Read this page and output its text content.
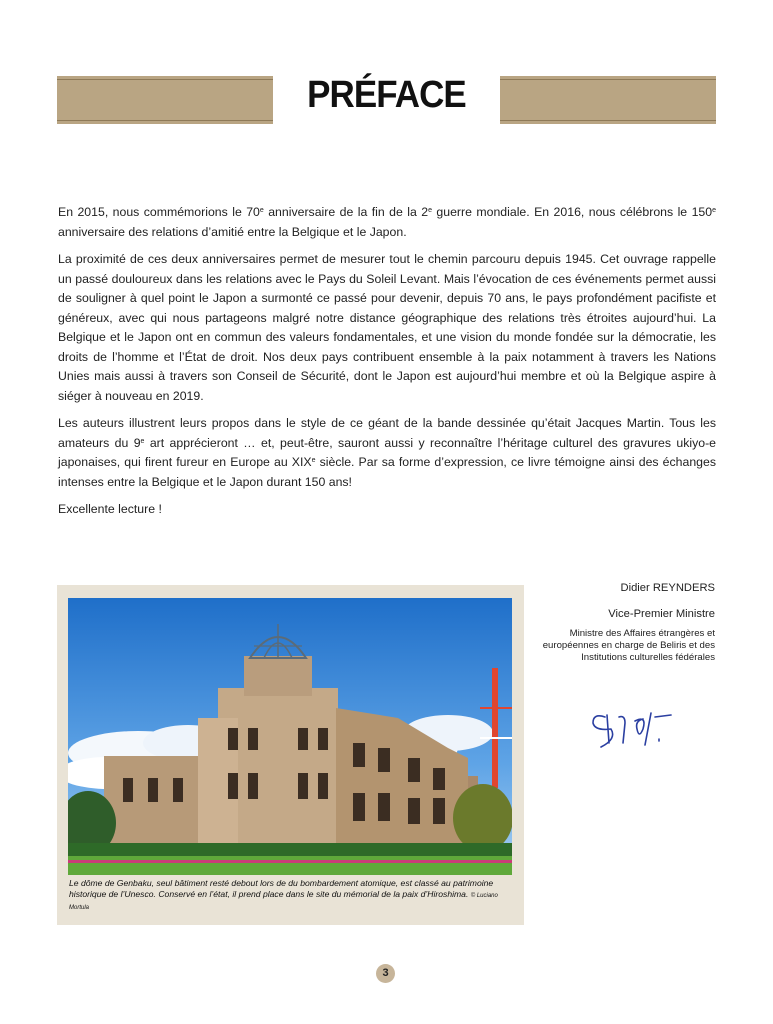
PRÉFACE

En 2015, nous commémorions le 70e anniversaire de la fin de la 2e guerre mondiale. En 2016, nous célébrons le 150e anniversaire des relations d’amitié entre la Belgique et le Japon.

La proximité de ces deux anniversaires permet de mesurer tout le chemin parcouru depuis 1945. Cet ouvrage rappelle un passé douloureux dans les relations avec le Pays du Soleil Levant. Mais l’évocation de ces événements permet aussi de souligner à quel point le Japon a surmonté ce passé pour devenir, depuis 70 ans, le pays profondément pacifiste et généreux, avec qui nous partageons malgré notre distance géographique des relations très étroites aujourd’hui. La Belgique et le Japon ont en commun des valeurs fondamentales, et une vision du monde fondée sur la démocratie, les droits de l’homme et l’État de droit. Nos deux pays contribuent ensemble à la paix notamment à travers les Nations Unies mais aussi à travers son Conseil de Sécurité, dont le Japon est aujourd’hui membre et où la Belgique aspire à siéger à nouveau en 2019.

Les auteurs illustrent leurs propos dans le style de ce géant de la bande dessinée qu’était Jacques Martin. Tous les amateurs du 9e art apprécieront … et, peut-être, sauront aussi y reconnaître l’héritage culturel des gravures ukiyo-e japonaises, qui firent fureur en Europe au XIXe siècle. Par sa forme d’expression, ce livre témoigne ainsi des échanges intenses entre la Belgique et le Japon durant 150 ans!

Excellente lecture !

Le dôme de Genbaku, seul bâtiment resté debout lors de du bombardement atomique, est classé au patrimoine historique de l’Unesco. Conservé en l’état, il prend place dans le site du mémorial de la paix d’Hiroshima. © Luciano Mortula
Didier REYNDERS
Vice-Premier Ministre
Ministre des Affaires étrangères et européennes en charge de Beliris et des Institutions culturelles fédérales
3
